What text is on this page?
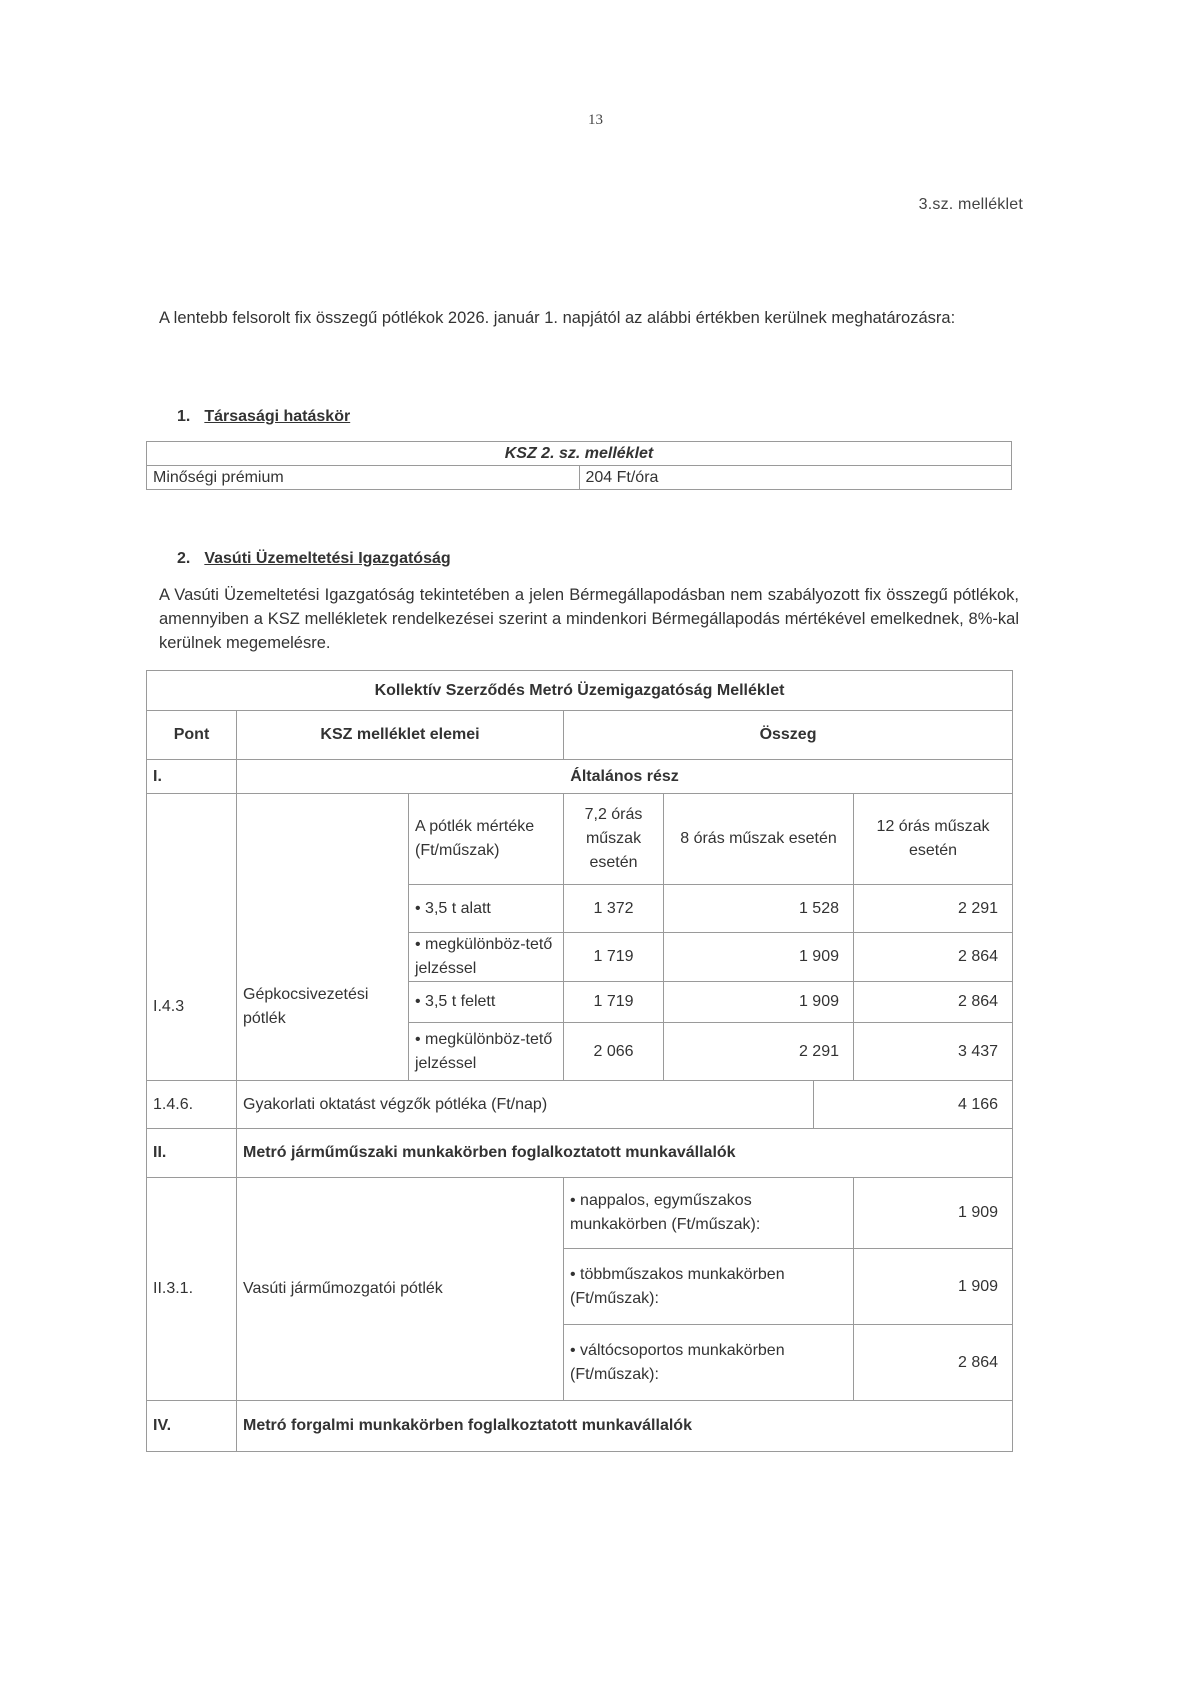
13
3.sz. melléklet
A lentebb felsorolt fix összegű pótlékok 2026. január 1. napjától az alábbi értékben kerülnek meghatározásra:
1. Társasági hatáskör
KSZ 2. sz. melléklet
Minőségi prémium	204 Ft/óra
2. Vasúti Üzemeltetési Igazgatóság
A Vasúti Üzemeltetési Igazgatóság tekintetében a jelen Bérmegállapodásban nem szabályozott fix összegű pótlékok, amennyiben a KSZ mellékletek rendelkezései szerint a mindenkori Bérmegállapodás mértékével emelkednek, 8%-kal kerülnek megemelésre.
Kollektív Szerződés Metró Üzemigazgatóság Melléklet						
Pont	KSZ melléklet elemei		Összeg			
I.	Általános rész					
I.4.3	Gépkocsivezetési pótlék	A pótlék mértéke (Ft/műszak)	7,2 órás műszak esetén	8 órás műszak esetén		12 órás műszak esetén
		• 3,5 t alatt	1 372	1 528		2 291
		• megkülönböz-tető jelzéssel	1 719	1 909		2 864
		• 3,5 t felett	1 719	1 909		2 864
		• megkülönböz-tető jelzéssel	2 066	2 291		3 437
1.4.6.	Gyakorlati oktatást végzők pótléka (Ft/nap)				4 166	
II.	Metró járműműszaki munkakörben foglalkoztatott munkavállalók					
II.3.1.	Vasúti járműmozgatói pótlék		• nappalos, egyműszakos munkakörben (Ft/műszak):			1 909
			• többműszakos munkakörben (Ft/műszak):			1 909
			• váltócsoportos munkakörben (Ft/műszak):			2 864
IV.	Metró forgalmi munkakörben foglalkoztatott munkavállalók					
